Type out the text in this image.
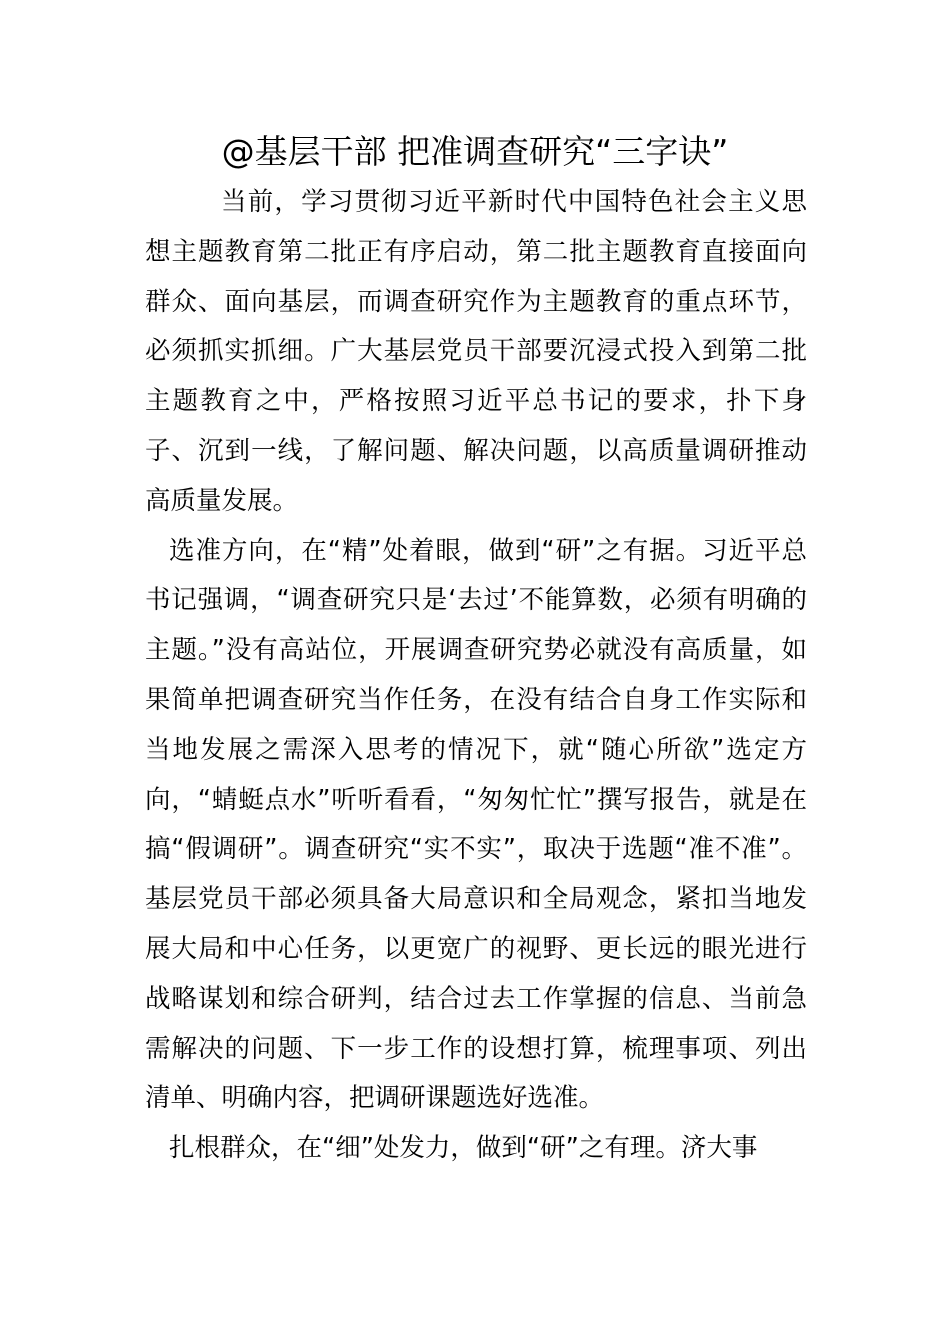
@基层干部 把准调查研究“三字诀”

当前，学习贯彻习近平新时代中国特色社会主义思想主题教育第二批正有序启动，第二批主题教育直接面向群众、面向基层，而调查研究作为主题教育的重点环节，必须抓实抓细。广大基层党员干部要沉浸式投入到第二批主题教育之中，严格按照习近平总书记的要求，扑下身子、沉到一线，了解问题、解决问题，以高质量调研推动高质量发展。

选准方向，在“精”处着眼，做到“研”之有据。习近平总书记强调，“调查研究只是‘去过’不能算数，必须有明确的主题。”没有高站位，开展调查研究势必就没有高质量，如果简单把调查研究当作任务，在没有结合自身工作实际和当地发展之需深入思考的情况下，就“随心所欲”选定方向，“蜻蜓点水”听听看看，“匆匆忙忙”撰写报告，就是在搞“假调研”。调查研究“实不实”，取决于选题“准不准”。基层党员干部必须具备大局意识和全局观念，紧扣当地发展大局和中心任务，以更宽广的视野、更长远的眼光进行战略谋划和综合研判，结合过去工作掌握的信息、当前急需解决的问题、下一步工作的设想打算，梳理事项、列出清单、明确内容，把调研课题选好选准。

扎根群众，在“细”处发力，做到“研”之有理。济大事
